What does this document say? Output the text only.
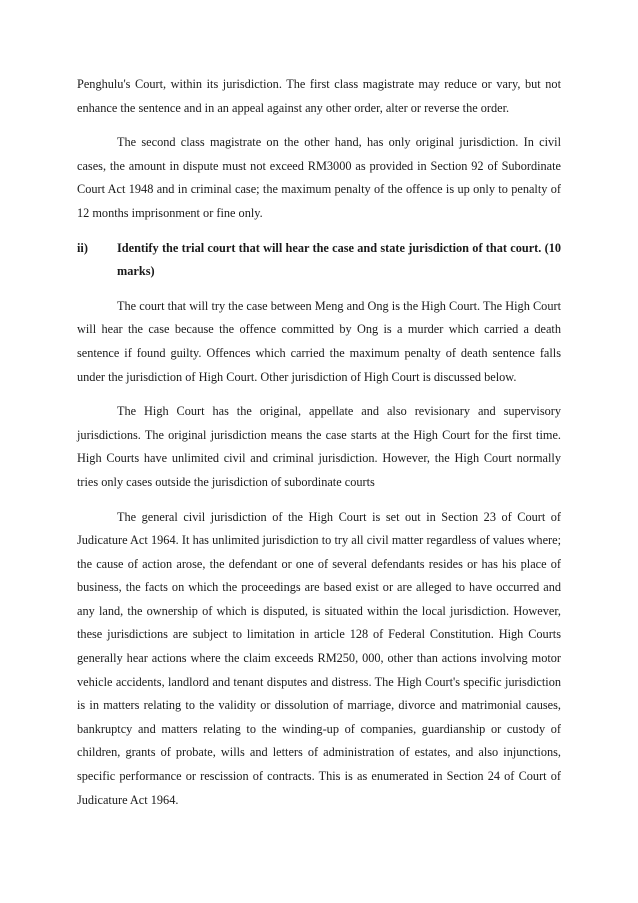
Penghulu's Court, within its jurisdiction. The first class magistrate may reduce or vary, but not enhance the sentence and in an appeal against any other order, alter or reverse the order.

The second class magistrate on the other hand, has only original jurisdiction. In civil cases, the amount in dispute must not exceed RM3000 as provided in Section 92 of Subordinate Court Act 1948 and in criminal case; the maximum penalty of the offence is up only to penalty of 12 months imprisonment or fine only.

ii)	Identify the trial court that will hear the case and state jurisdiction of that court. (10 marks)

The court that will try the case between Meng and Ong is the High Court. The High Court will hear the case because the offence committed by Ong is a murder which carried a death sentence if found guilty. Offences which carried the maximum penalty of death sentence falls under the jurisdiction of High Court. Other jurisdiction of High Court is discussed below.

The High Court has the original, appellate and also revisionary and supervisory jurisdictions. The original jurisdiction means the case starts at the High Court for the first time. High Courts have unlimited civil and criminal jurisdiction. However, the High Court normally tries only cases outside the jurisdiction of subordinate courts

The general civil jurisdiction of the High Court is set out in Section 23 of Court of Judicature Act 1964. It has unlimited jurisdiction to try all civil matter regardless of values where; the cause of action arose, the defendant or one of several defendants resides or has his place of business, the facts on which the proceedings are based exist or are alleged to have occurred and any land, the ownership of which is disputed, is situated within the local jurisdiction. However, these jurisdictions are subject to limitation in article 128 of Federal Constitution. High Courts generally hear actions where the claim exceeds RM250, 000, other than actions involving motor vehicle accidents, landlord and tenant disputes and distress. The High Court's specific jurisdiction is in matters relating to the validity or dissolution of marriage, divorce and matrimonial causes, bankruptcy and matters relating to the winding-up of companies, guardianship or custody of children, grants of probate, wills and letters of administration of estates, and also injunctions, specific performance or rescission of contracts. This is as enumerated in Section 24 of Court of Judicature Act 1964.
